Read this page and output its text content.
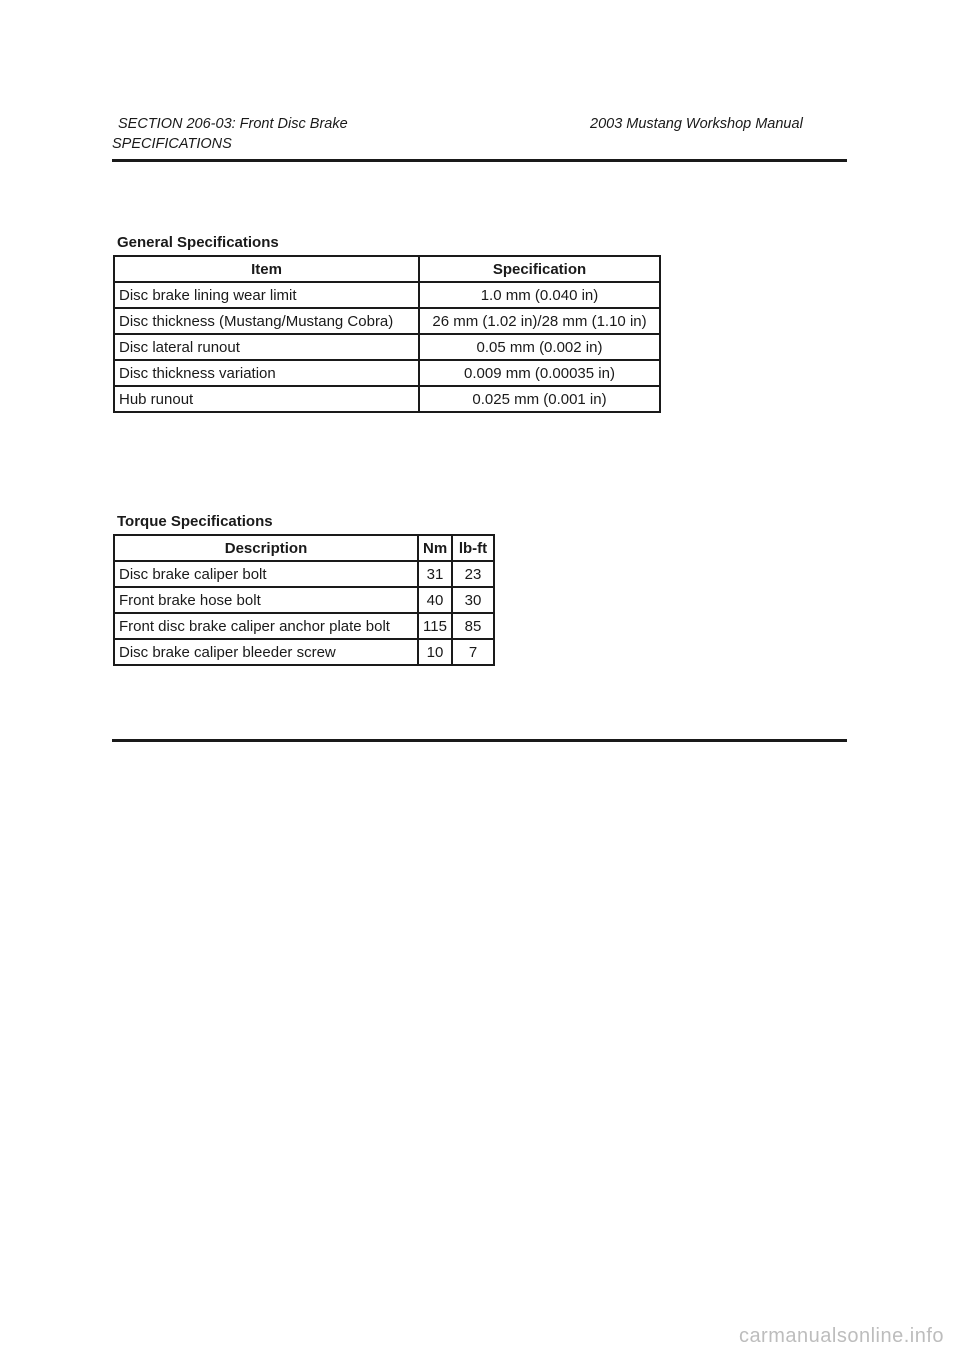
SECTION 206-03: Front Disc Brake	2003 Mustang Workshop Manual
SPECIFICATIONS
General Specifications
Item	Specification
Disc brake lining wear limit	1.0 mm (0.040 in)
Disc thickness (Mustang/Mustang Cobra)	26 mm (1.02 in)/28 mm (1.10 in)
Disc lateral runout	0.05 mm (0.002 in)
Disc thickness variation	0.009 mm (0.00035 in)
Hub runout	0.025 mm (0.001 in)
Torque Specifications
Description	Nm	lb-ft
Disc brake caliper bolt	31	23
Front brake hose bolt	40	30
Front disc brake caliper anchor plate bolt	115	85
Disc brake caliper bleeder screw	10	7
carmanualsonline.info
